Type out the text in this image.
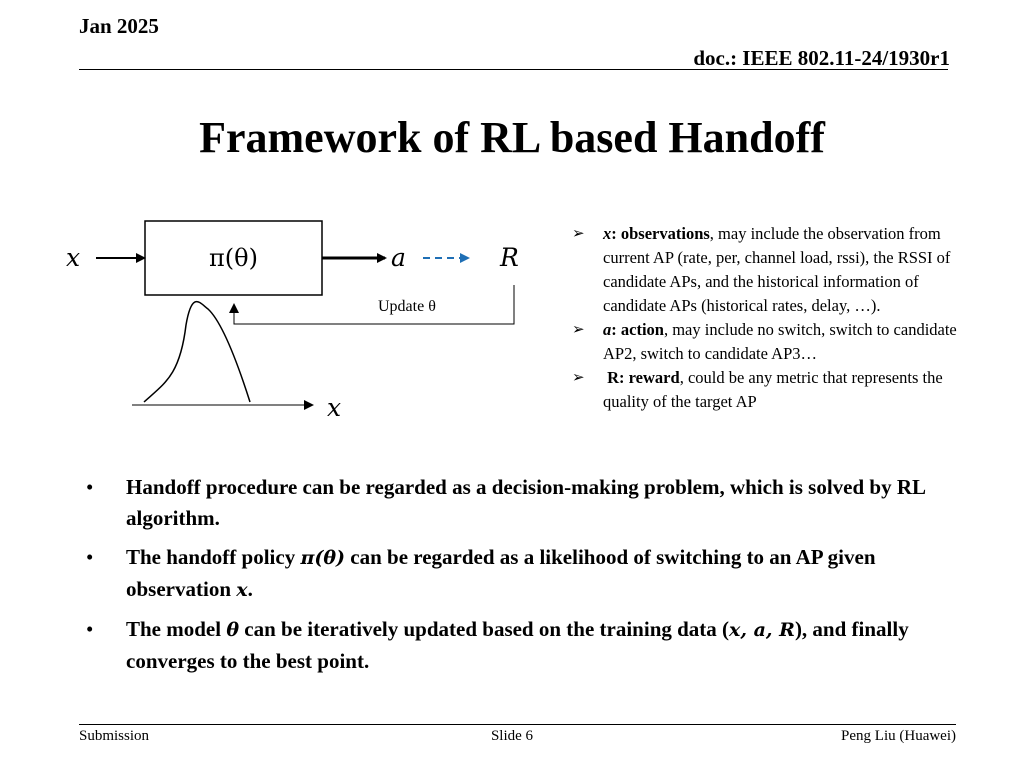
Jan 2025
doc.: IEEE 802.11-24/1930r1
Framework of RL based Handoff
x	π(θ)	a	R
Update θ
x
➢ x: observations, may include the observation from current AP (rate, per, channel load, rssi), the RSSI of candidate APs, and the historical information of candidate APs (historical rates, delay, …).
➢ a: action, may include no switch, switch to candidate AP2, switch to candidate AP3…
➢ R: reward, could be any metric that represents the quality of the target AP
• Handoff procedure can be regarded as a decision-making problem, which is solved by RL algorithm.
• The handoff policy π(θ) can be regarded as a likelihood of switching to an AP given observation x.
• The model θ can be iteratively updated based on the training data (x, a, R), and finally converges to the best point.
Submission	Slide 6	Peng Liu (Huawei)
